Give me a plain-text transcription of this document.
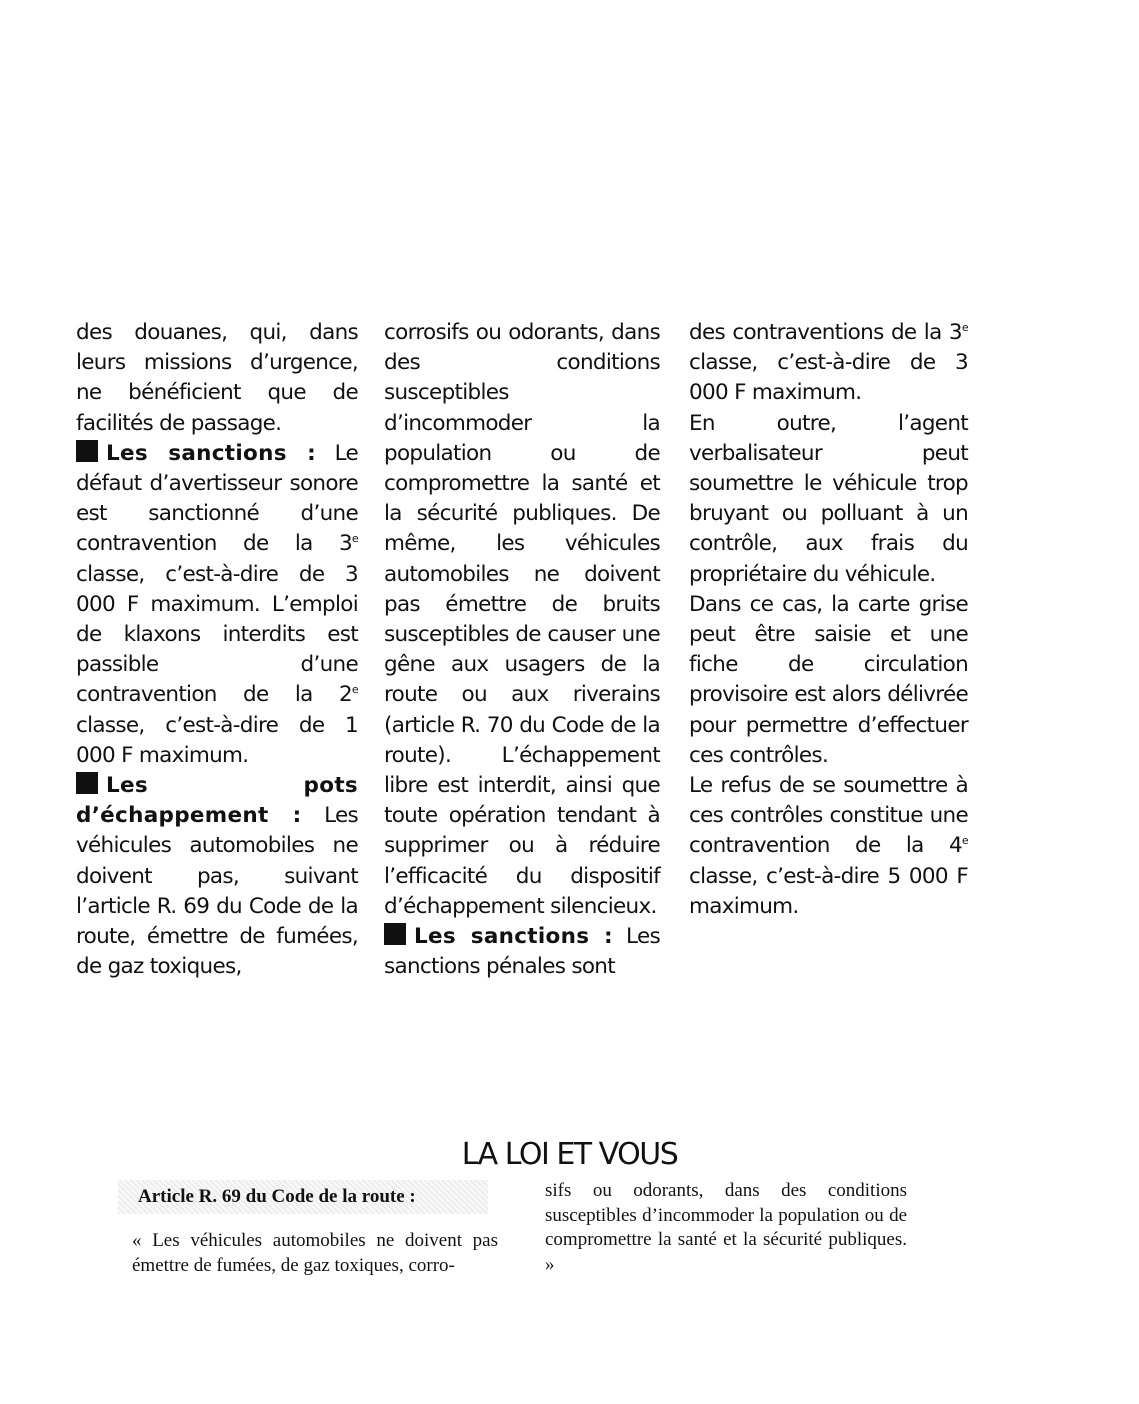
des douanes, qui, dans leurs missions d’urgence, ne bénéficient que de facilités de passage.

Les sanctions : Le défaut d’avertisseur sonore est sanctionné d’une contravention de la 3e classe, c’est-à-dire de 3 000 F maximum. L’emploi de klaxons interdits est passible d’une contravention de la 2e classe, c’est-à-dire de 1 000 F maximum.

Les pots d’échappement : Les véhicules automobiles ne doivent pas, suivant l’article R. 69 du Code de la route, émettre de fumées, de gaz toxiques,

corrosifs ou odorants, dans des conditions susceptibles d’incommoder la population ou de compromettre la santé et la sécurité publiques. De même, les véhicules automobiles ne doivent pas émettre de bruits susceptibles de causer une gêne aux usagers de la route ou aux riverains (article R. 70 du Code de la route). L’échappement libre est interdit, ainsi que toute opération tendant à supprimer ou à réduire l’efficacité du dispositif d’échappement silencieux.

Les sanctions : Les sanctions pénales sont

des contraventions de la 3e classe, c’est-à-dire de 3 000 F maximum.

En outre, l’agent verbalisateur peut soumettre le véhicule trop bruyant ou polluant à un contrôle, aux frais du propriétaire du véhicule.

Dans ce cas, la carte grise peut être saisie et une fiche de circulation provisoire est alors délivrée pour permettre d’effectuer ces contrôles.

Le refus de se soumettre à ces contrôles constitue une contravention de la 4e classe, c’est-à-dire 5 000 F maximum.

LA LOI ET VOUS
Article R. 69 du Code de la route :

« Les véhicules automobiles ne doivent pas émettre de fumées, de gaz toxiques, corro-

sifs ou odorants, dans des conditions susceptibles d’incommoder la population ou de compromettre la santé et la sécurité publiques. »
